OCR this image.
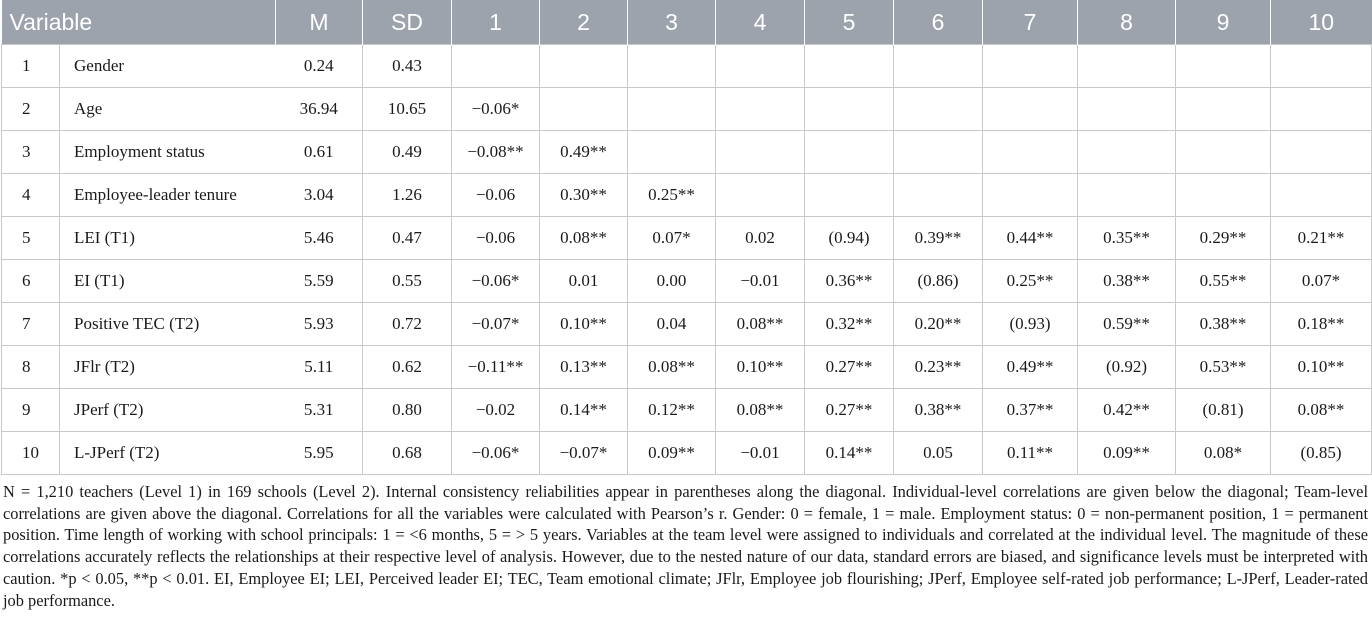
Variable		M	SD	1	2	3	4	5	6	7	8	9	10
1	Gender	0.24	0.43										
2	Age	36.94	10.65	−0.06*									
3	Employment status	0.61	0.49	−0.08**	0.49**								
4	Employee-leader tenure	3.04	1.26	−0.06	0.30**	0.25**							
5	LEI (T1)	5.46	0.47	−0.06	0.08**	0.07*	0.02	(0.94)	0.39**	0.44**	0.35**	0.29**	0.21**
6	EI (T1)	5.59	0.55	−0.06*	0.01	0.00	−0.01	0.36**	(0.86)	0.25**	0.38**	0.55**	0.07*
7	Positive TEC (T2)	5.93	0.72	−0.07*	0.10**	0.04	0.08**	0.32**	0.20**	(0.93)	0.59**	0.38**	0.18**
8	JFlr (T2)	5.11	0.62	−0.11**	0.13**	0.08**	0.10**	0.27**	0.23**	0.49**	(0.92)	0.53**	0.10**
9	JPerf (T2)	5.31	0.80	−0.02	0.14**	0.12**	0.08**	0.27**	0.38**	0.37**	0.42**	(0.81)	0.08**
10	L-JPerf (T2)	5.95	0.68	−0.06*	−0.07*	0.09**	−0.01	0.14**	0.05	0.11**	0.09**	0.08*	(0.85)

N = 1,210 teachers (Level 1) in 169 schools (Level 2). Internal consistency reliabilities appear in parentheses along the diagonal. Individual-level correlations are given below the diagonal; Team-level correlations are given above the diagonal. Correlations for all the variables were calculated with Pearson’s r. Gender: 0 = female, 1 = male. Employment status: 0 = non-permanent position, 1 = permanent position. Time length of working with school principals: 1 = <6 months, 5 = > 5 years. Variables at the team level were assigned to individuals and correlated at the individual level. The magnitude of these correlations accurately reflects the relationships at their respective level of analysis. However, due to the nested nature of our data, standard errors are biased, and significance levels must be interpreted with caution. *p < 0.05, **p < 0.01. EI, Employee EI; LEI, Perceived leader EI; TEC, Team emotional climate; JFlr, Employee job flourishing; JPerf, Employee self-rated job performance; L-JPerf, Leader-rated job performance.
